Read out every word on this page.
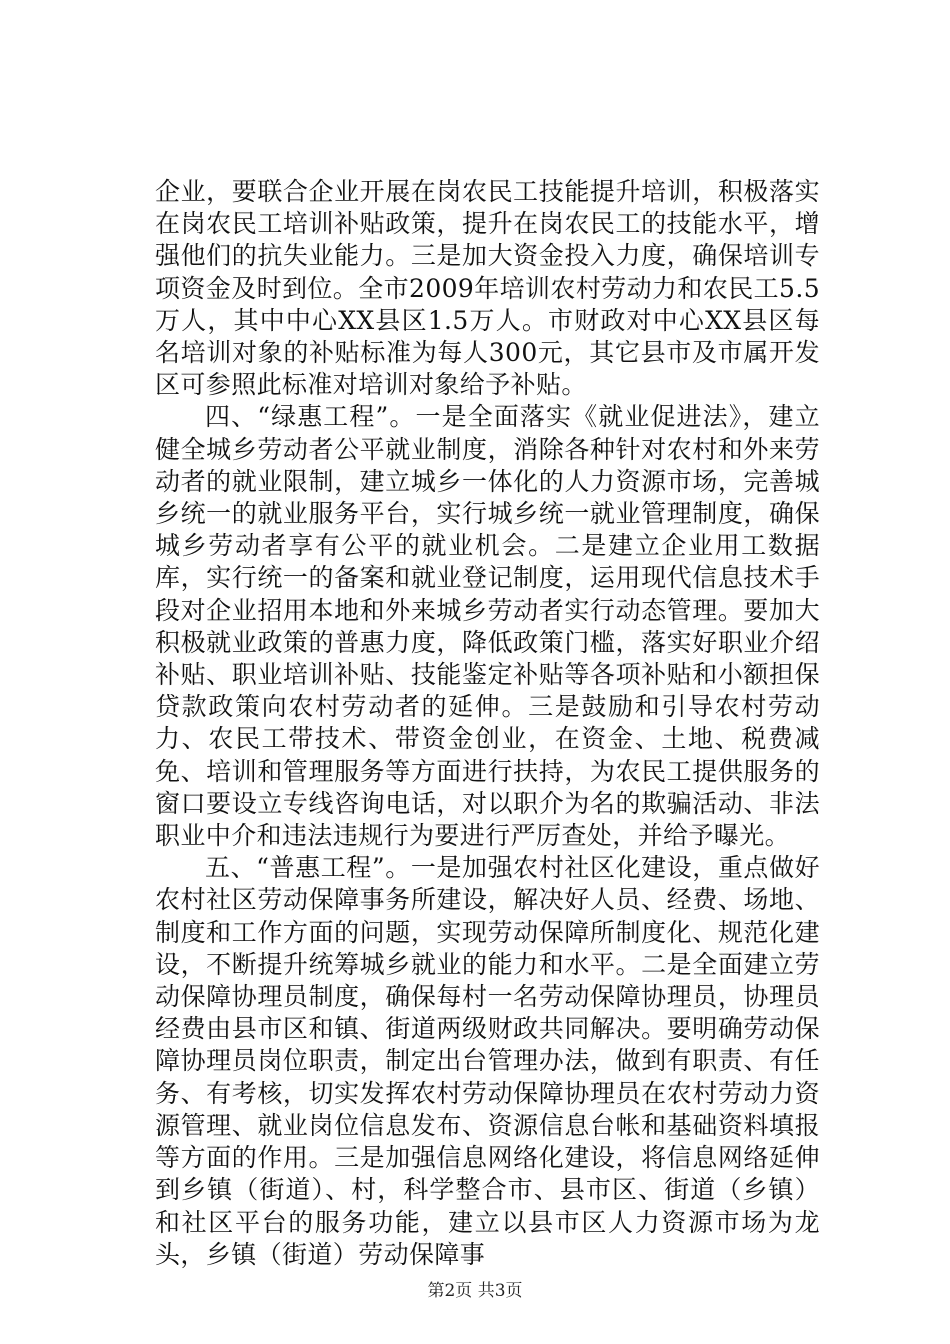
企业，要联合企业开展在岗农民工技能提升培训，积极落实在岗农民工培训补贴政策，提升在岗农民工的技能水平，增强他们的抗失业能力。三是加大资金投入力度，确保培训专项资金及时到位。全市2009年培训农村劳动力和农民工5.5万人，其中中心XX县区1.5万人。市财政对中心XX县区每名培训对象的补贴标准为每人300元，其它县市及市属开发区可参照此标准对培训对象给予补贴。

四、“绿惠工程”。一是全面落实《就业促进法》，建立健全城乡劳动者公平就业制度，消除各种针对农村和外来劳动者的就业限制，建立城乡一体化的人力资源市场，完善城乡统一的就业服务平台，实行城乡统一就业管理制度，确保城乡劳动者享有公平的就业机会。二是建立企业用工数据库，实行统一的备案和就业登记制度，运用现代信息技术手段对企业招用本地和外来城乡劳动者实行动态管理。要加大积极就业政策的普惠力度，降低政策门槛，落实好职业介绍补贴、职业培训补贴、技能鉴定补贴等各项补贴和小额担保贷款政策向农村劳动者的延伸。三是鼓励和引导农村劳动力、农民工带技术、带资金创业，在资金、土地、税费减免、培训和管理服务等方面进行扶持，为农民工提供服务的窗口要设立专线咨询电话，对以职介为名的欺骗活动、非法职业中介和违法违规行为要进行严厉查处，并给予曝光。

五、“普惠工程”。一是加强农村社区化建设，重点做好农村社区劳动保障事务所建设，解决好人员、经费、场地、制度和工作方面的问题，实现劳动保障所制度化、规范化建设，不断提升统筹城乡就业的能力和水平。二是全面建立劳动保障协理员制度，确保每村一名劳动保障协理员，协理员经费由县市区和镇、街道两级财政共同解决。要明确劳动保障协理员岗位职责，制定出台管理办法，做到有职责、有任务、有考核，切实发挥农村劳动保障协理员在农村劳动力资源管理、就业岗位信息发布、资源信息台帐和基础资料填报等方面的作用。三是加强信息网络化建设，将信息网络延伸到乡镇（街道）、村，科学整合市、县市区、街道（乡镇）和社区平台的服务功能，建立以县市区人力资源市场为龙头，乡镇（街道）劳动保障事

第2页 共3页
